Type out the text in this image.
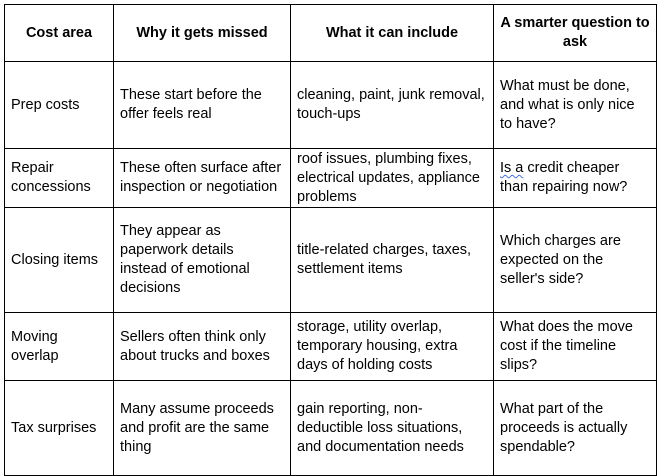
Cost area	Why it gets missed	What it can include	A smarter question to ask
Prep costs	These start before the offer feels real	cleaning, paint, junk removal, touch-ups	What must be done, and what is only nice to have?
Repair concessions	These often surface after inspection or negotiation	roof issues, plumbing fixes, electrical updates, appliance problems	Is a credit cheaper than repairing now?
Closing items	They appear as paperwork details instead of emotional decisions	title-related charges, taxes, settlement items	Which charges are expected on the seller's side?
Moving overlap	Sellers often think only about trucks and boxes	storage, utility overlap, temporary housing, extra days of holding costs	What does the move cost if the timeline slips?
Tax surprises	Many assume proceeds and profit are the same thing	gain reporting, non-deductible loss situations, and documentation needs	What part of the proceeds is actually spendable?
